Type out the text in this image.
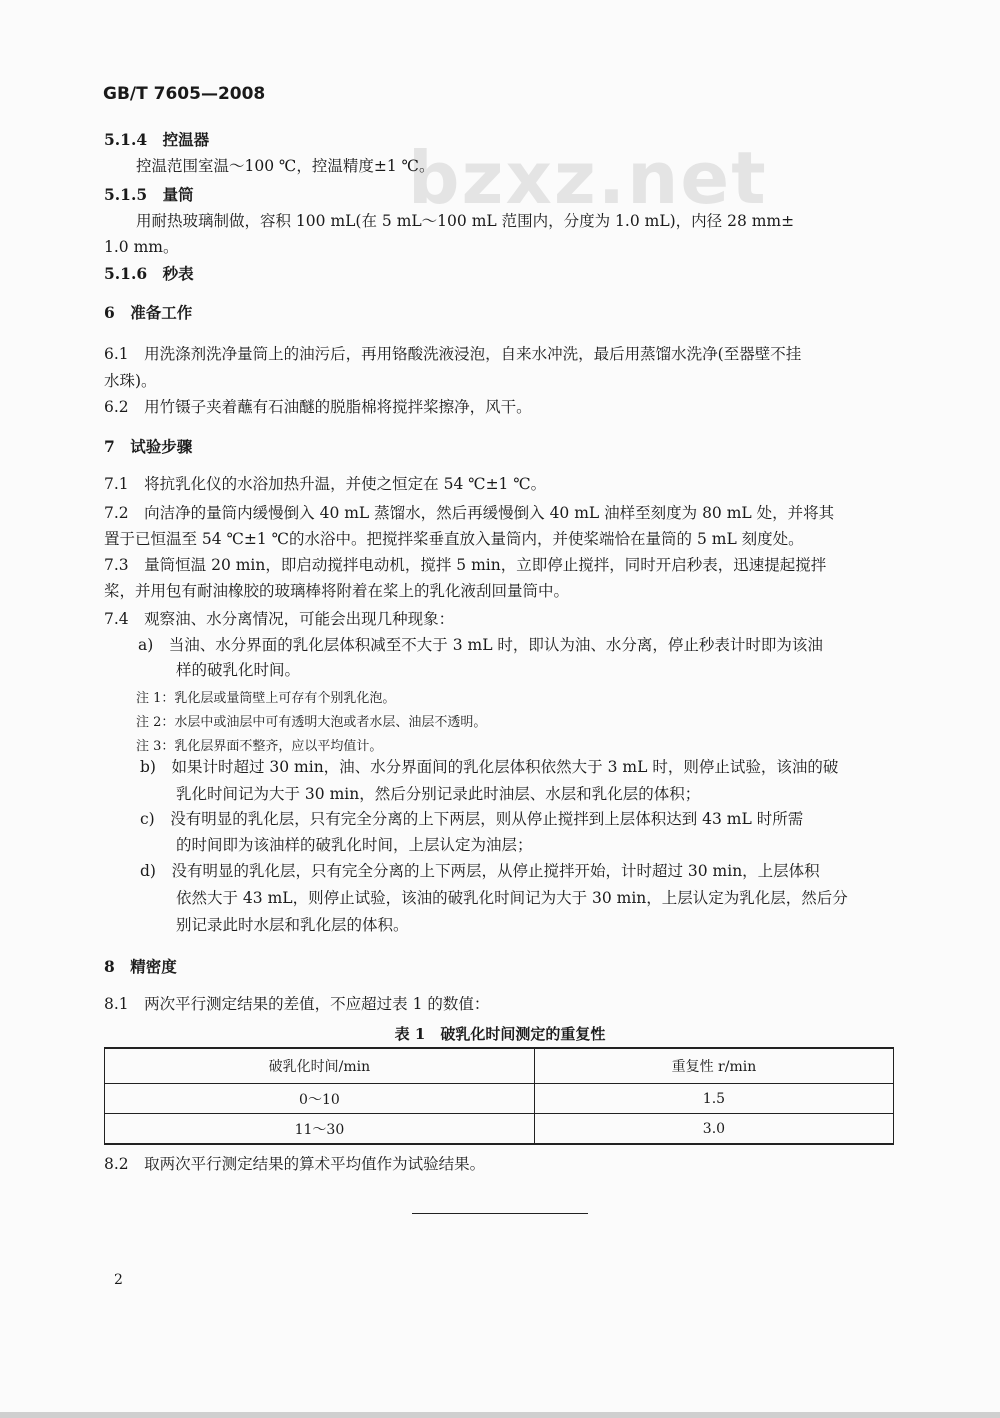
bzxz.net
GB/T 7605—2008
5.1.4　控温器
控温范围室温～100 ℃，控温精度±1 ℃。
5.1.5　量筒
用耐热玻璃制做，容积 100 mL(在 5 mL～100 mL 范围内，分度为 1.0 mL)，内径 28 mm±
1.0 mm。
5.1.6　秒表
6　准备工作
6.1　用洗涤剂洗净量筒上的油污后，再用铬酸洗液浸泡，自来水冲洗，最后用蒸馏水洗净(至器壁不挂
水珠)。
6.2　用竹镊子夹着蘸有石油醚的脱脂棉将搅拌桨擦净，风干。
7　试验步骤
7.1　将抗乳化仪的水浴加热升温，并使之恒定在 54 ℃±1 ℃。
7.2　向洁净的量筒内缓慢倒入 40 mL 蒸馏水，然后再缓慢倒入 40 mL 油样至刻度为 80 mL 处，并将其
置于已恒温至 54 ℃±1 ℃的水浴中。把搅拌桨垂直放入量筒内，并使桨端恰在量筒的 5 mL 刻度处。
7.3　量筒恒温 20 min，即启动搅拌电动机，搅拌 5 min，立即停止搅拌，同时开启秒表，迅速提起搅拌
桨，并用包有耐油橡胶的玻璃棒将附着在桨上的乳化液刮回量筒中。
7.4　观察油、水分离情况，可能会出现几种现象：
a)　当油、水分界面的乳化层体积减至不大于 3 mL 时，即认为油、水分离，停止秒表计时即为该油
样的破乳化时间。
注 1：乳化层或量筒壁上可存有个别乳化泡。
注 2：水层中或油层中可有透明大泡或者水层、油层不透明。
注 3：乳化层界面不整齐，应以平均值计。
b)　如果计时超过 30 min，油、水分界面间的乳化层体积依然大于 3 mL 时，则停止试验，该油的破
乳化时间记为大于 30 min，然后分别记录此时油层、水层和乳化层的体积；
c)　没有明显的乳化层，只有完全分离的上下两层，则从停止搅拌到上层体积达到 43 mL 时所需
的时间即为该油样的破乳化时间，上层认定为油层；
d)　没有明显的乳化层，只有完全分离的上下两层，从停止搅拌开始，计时超过 30 min，上层体积
依然大于 43 mL，则停止试验，该油的破乳化时间记为大于 30 min，上层认定为乳化层，然后分
别记录此时水层和乳化层的体积。
8　精密度
8.1　两次平行测定结果的差值，不应超过表 1 的数值：
表 1　破乳化时间测定的重复性
破乳化时间/min	重复性 r/min
0～10	1.5
11～30	3.0
8.2　取两次平行测定结果的算术平均值作为试验结果。
2
